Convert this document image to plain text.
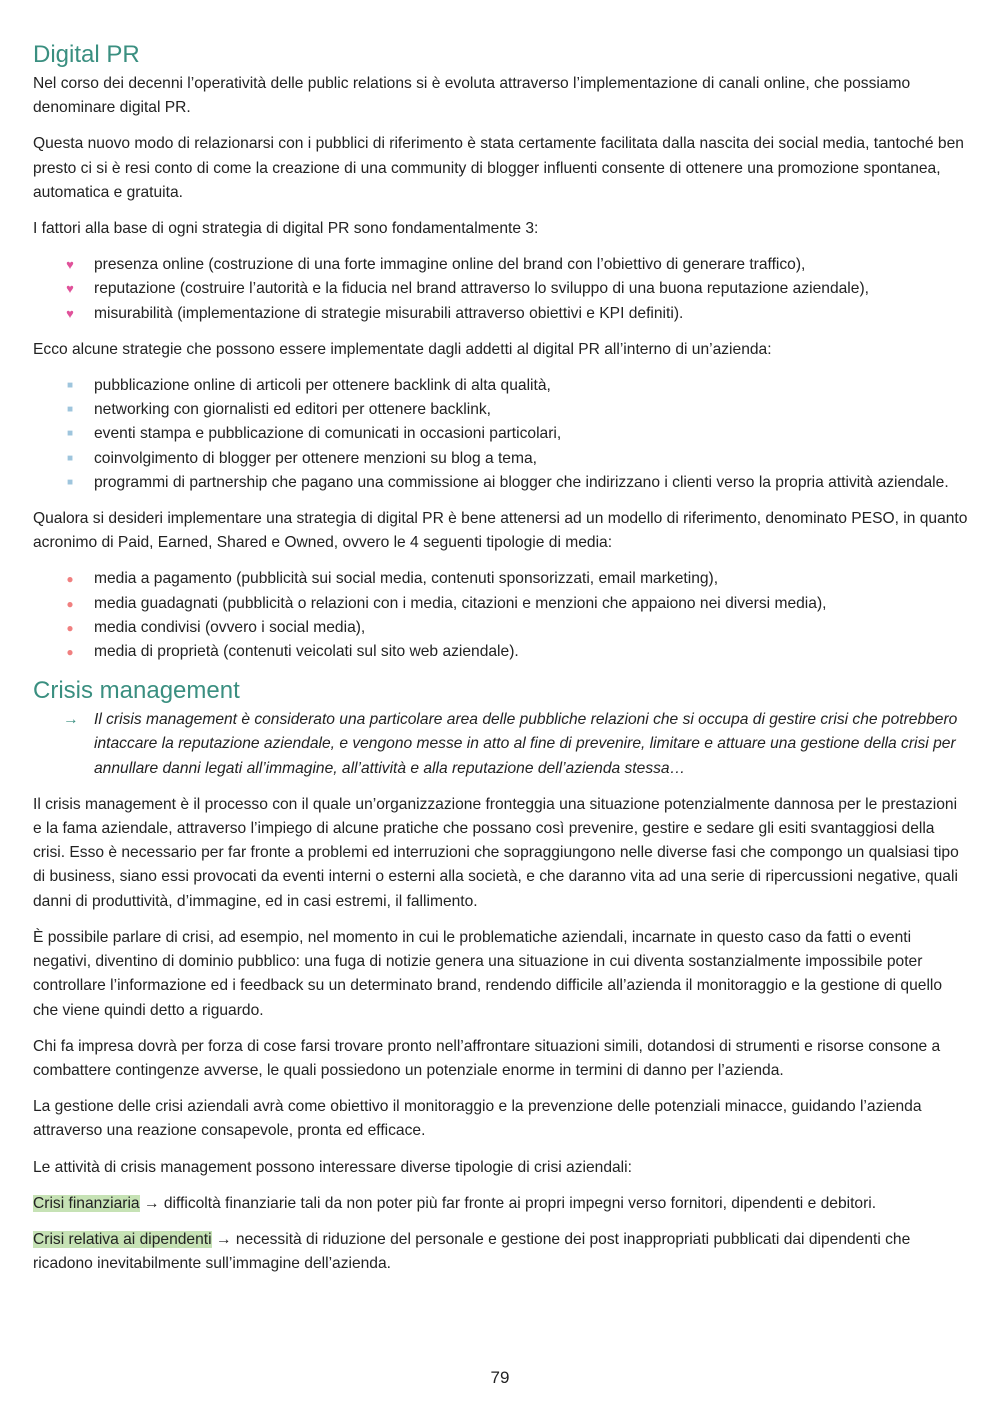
Digital PR

Nel corso dei decenni l’operatività delle public relations si è evoluta attraverso l’implementazione di canali online, che possiamo denominare digital PR.

Questa nuovo modo di relazionarsi con i pubblici di riferimento è stata certamente facilitata dalla nascita dei social media, tantoché ben presto ci si è resi conto di come la creazione di una community di blogger influenti consente di ottenere una promozione spontanea, automatica e gratuita.

I fattori alla base di ogni strategia di digital PR sono fondamentalmente 3:

♥ presenza online (costruzione di una forte immagine online del brand con l’obiettivo di generare traffico),
♥ reputazione (costruire l’autorità e la fiducia nel brand attraverso lo sviluppo di una buona reputazione aziendale),
♥ misurabilità (implementazione di strategie misurabili attraverso obiettivi e KPI definiti).

Ecco alcune strategie che possono essere implementate dagli addetti al digital PR all’interno di un’azienda:

■ pubblicazione online di articoli per ottenere backlink di alta qualità,
■ networking con giornalisti ed editori per ottenere backlink,
■ eventi stampa e pubblicazione di comunicati in occasioni particolari,
■ coinvolgimento di blogger per ottenere menzioni su blog a tema,
■ programmi di partnership che pagano una commissione ai blogger che indirizzano i clienti verso la propria attività aziendale.

Qualora si desideri implementare una strategia di digital PR è bene attenersi ad un modello di riferimento, denominato PESO, in quanto acronimo di Paid, Earned, Shared e Owned, ovvero le 4 seguenti tipologie di media:

● media a pagamento (pubblicità sui social media, contenuti sponsorizzati, email marketing),
● media guadagnati (pubblicità o relazioni con i media, citazioni e menzioni che appaiono nei diversi media),
● media condivisi (ovvero i social media),
● media di proprietà (contenuti veicolati sul sito web aziendale).
Crisis management
→ Il crisis management è considerato una particolare area delle pubbliche relazioni che si occupa di gestire crisi che potrebbero intaccare la reputazione aziendale, e vengono messe in atto al fine di prevenire, limitare e attuare una gestione della crisi per annullare danni legati all’immagine, all’attività e alla reputazione dell’azienda stessa…

Il crisis management è il processo con il quale un’organizzazione fronteggia una situazione potenzialmente dannosa per le prestazioni e la fama aziendale, attraverso l’impiego di alcune pratiche che possano così prevenire, gestire e sedare gli esiti svantaggiosi della crisi. Esso è necessario per far fronte a problemi ed interruzioni che sopraggiungono nelle diverse fasi che compongo un qualsiasi tipo di business, siano essi provocati da eventi interni o esterni alla società, e che daranno vita ad una serie di ripercussioni negative, quali danni di produttività, d’immagine, ed in casi estremi, il fallimento.

È possibile parlare di crisi, ad esempio, nel momento in cui le problematiche aziendali, incarnate in questo caso da fatti o eventi negativi, diventino di dominio pubblico: una fuga di notizie genera una situazione in cui diventa sostanzialmente impossibile poter controllare l’informazione ed i feedback su un determinato brand, rendendo difficile all’azienda il monitoraggio e la gestione di quello che viene quindi detto a riguardo.

Chi fa impresa dovrà per forza di cose farsi trovare pronto nell’affrontare situazioni simili, dotandosi di strumenti e risorse consone a combattere contingenze avverse, le quali possiedono un potenziale enorme in termini di danno per l’azienda.

La gestione delle crisi aziendali avrà come obiettivo il monitoraggio e la prevenzione delle potenziali minacce, guidando l’azienda attraverso una reazione consapevole, pronta ed efficace.

Le attività di crisis management possono interessare diverse tipologie di crisi aziendali:

Crisi finanziaria → difficoltà finanziarie tali da non poter più far fronte ai propri impegni verso fornitori, dipendenti e debitori.

Crisi relativa ai dipendenti → necessità di riduzione del personale e gestione dei post inappropriati pubblicati dai dipendenti che ricadono inevitabilmente sull’immagine dell’azienda.

79
